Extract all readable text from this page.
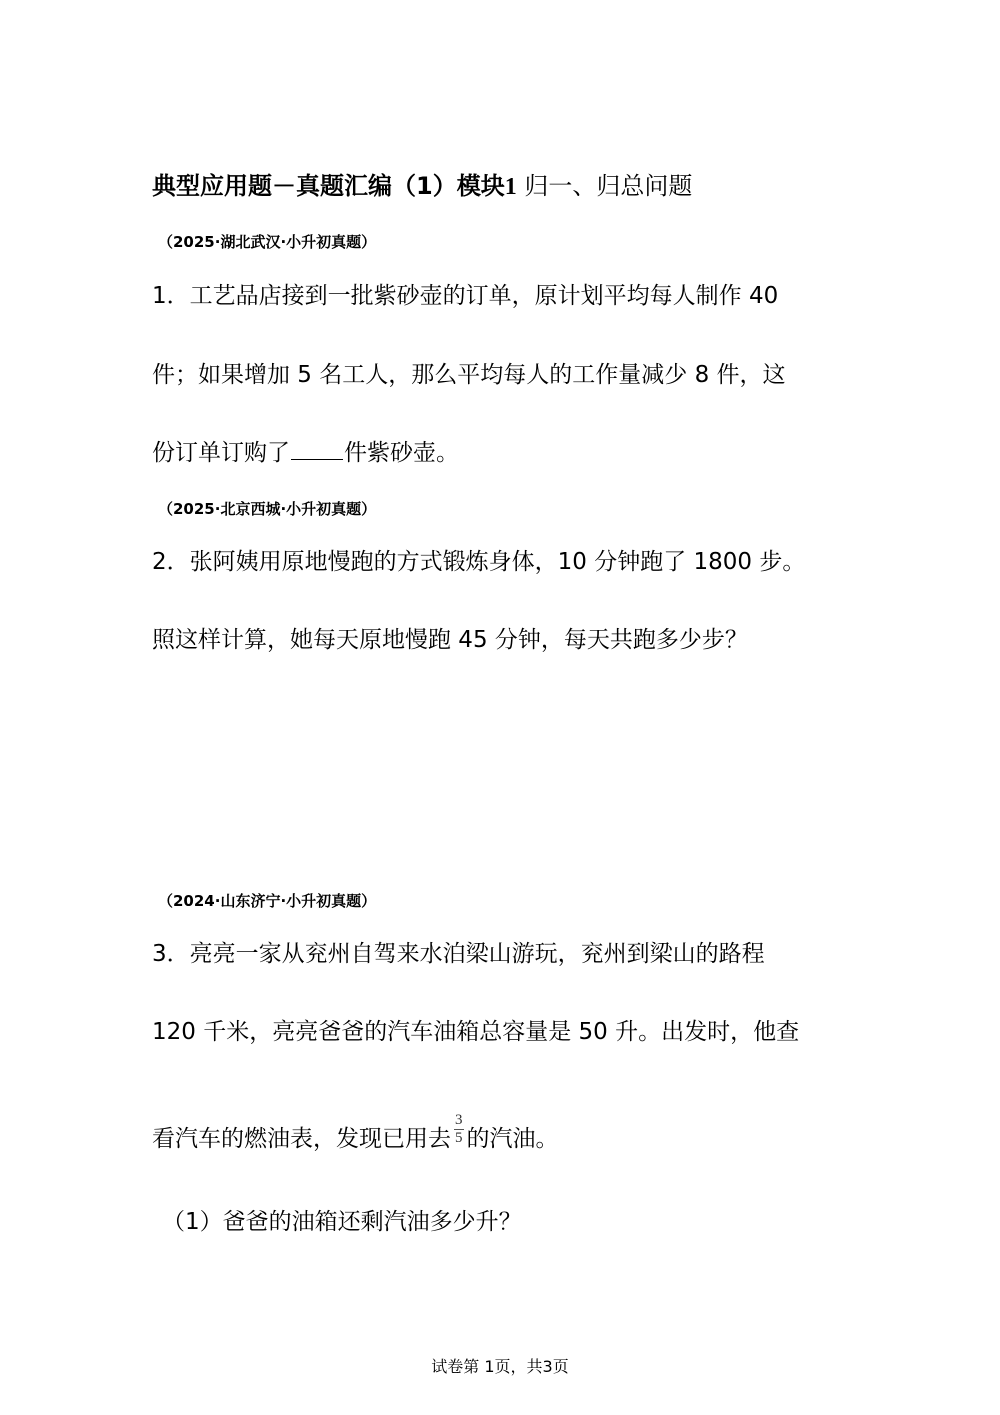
典型应用题－真题汇编（1）模块1 归一、归总问题
（2025·湖北武汉·小升初真题）
1．工艺品店接到一批紫砂壶的订单，原计划平均每人制作 40
件；如果增加 5 名工人，那么平均每人的工作量减少 8 件，这
份订单订购了 件紫砂壶。
（2025·北京西城·小升初真题）
2．张阿姨用原地慢跑的方式锻炼身体，10 分钟跑了 1800 步。
照这样计算，她每天原地慢跑 45 分钟，每天共跑多少步？
（2024·山东济宁·小升初真题）
3．亮亮一家从兖州自驾来水泊梁山游玩，兖州到梁山的路程
120 千米，亮亮爸爸的汽车油箱总容量是 50 升。出发时，他查
看汽车的燃油表，发现已用去 $\frac{3}{5}$ 的汽油。
（1）爸爸的油箱还剩汽油多少升？
试卷第 1页，共3页
